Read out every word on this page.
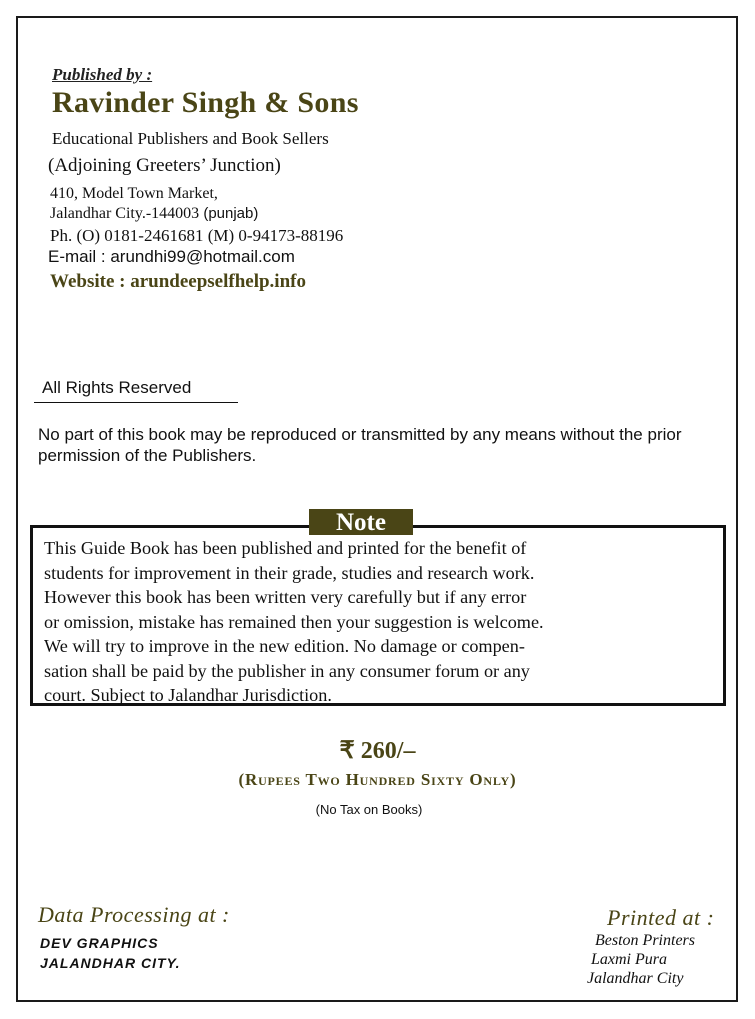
Published by :
Ravinder Singh & Sons
Educational Publishers and Book Sellers
(Adjoining Greeters’ Junction)
410, Model Town Market,
Jalandhar City.-144003 (punjab)
Ph. (O) 0181-2461681 (M) 0-94173-88196
E-mail : arundhi99@hotmail.com
Website : arundeepselfhelp.info
All Rights Reserved
No part of this book may be reproduced or transmitted by any means without the prior permission of the Publishers.
Note
This Guide Book has been published and printed for the benefit of
students for improvement in their grade, studies and research work.
However this book has been written very carefully but if any error
or omission, mistake has remained then your suggestion is welcome.
We will try to improve in the new edition. No damage or compen-
sation shall be paid by the publisher in any consumer forum or any
court. Subject to Jalandhar Jurisdiction.
₹ 260/–
(Rupees Two Hundred Sixty Only)
(No Tax on Books)
Data Processing at :
DEV GRAPHICS
JALANDHAR CITY.
Printed at :
Beston Printers
Laxmi Pura
Jalandhar City
